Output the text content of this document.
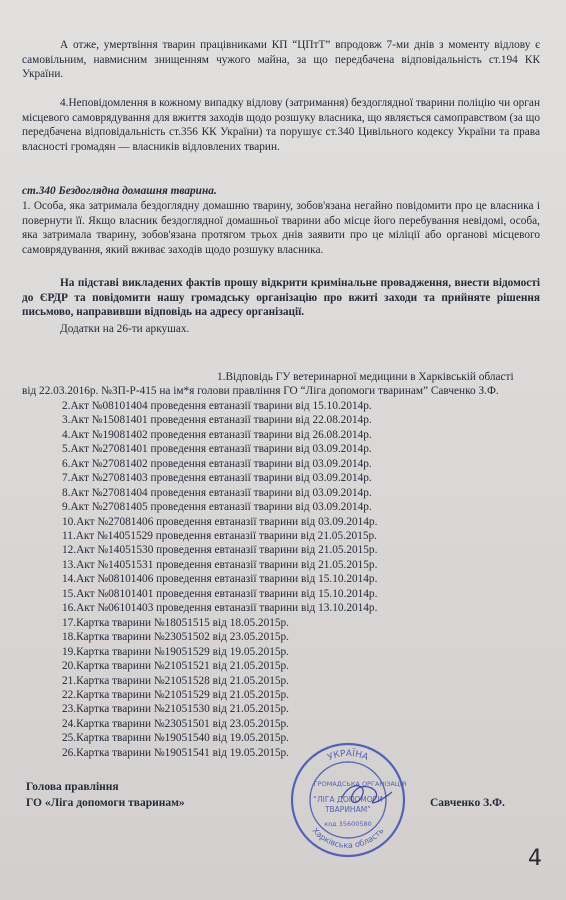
А отже, умертвіння тварин працівниками КП “ЦПтТ” впродовж 7-ми днів з моменту відлову є самовільним, навмисним знищенням чужого майна, за що передбачена відповідальність ст.194 КК України.

4.Неповідомлення в кожному випадку відлову (затримання) бездоглядної тварини поліцію чи орган місцевого самоврядування для вжиття заходів щодо розшуку власника, що являється самоправством (за що передбачена відповідальність ст.356 КК України) та порушує ст.340 Цивільного кодексу України та права власності громадян — власників відловлених тварин.

ст.340 Бездоглядна домашня тварина.

1. Особа, яка затримала бездоглядну домашню тварину, зобов'язана негайно повідомити про це власника і повернути її. Якщо власник бездоглядної домашньої тварини або місце його перебування невідомі, особа, яка затримала тварину, зобов'язана протягом трьох днів заявити про це міліції або органові місцевого самоврядування, який вживає заходів щодо розшуку власника.

На підставі викладених фактів прошу відкрити кримінальне провадження, внести відомості до ЄРДР та повідомити нашу громадську організацію про вжиті заходи та прийняте рішення письмово, направивши відповідь на адресу організації.

Додатки на 26-ти аркушах.

1.Відповідь ГУ ветеринарної медицини в Харківській області від 22.03.2016р. №ЗП-Р-415 на ім*я голови правління ГО “Ліга допомоги тваринам” Савченко З.Ф.
2.Акт №08101404 проведення евтаназії тварини від 15.10.2014р.
3.Акт №15081401 проведення евтаназії тварини від 22.08.2014р.
4.Акт №19081402 проведення евтаназії тварини від 26.08.2014р.
5.Акт №27081401 проведення евтаназії тварини від 03.09.2014р.
6.Акт №27081402 проведення евтаназії тварини від 03.09.2014р.
7.Акт №27081403 проведення евтаназії тварини від 03.09.2014р.
8.Акт №27081404 проведення евтаназії тварини від 03.09.2014р.
9.Акт №27081405 проведення евтаназії тварини від 03.09.2014р.
10.Акт №27081406 проведення евтаназії тварини від 03.09.2014р.
11.Акт №14051529 проведення евтаназії тварини від 21.05.2015р.
12.Акт №14051530 проведення евтаназії тварини від 21.05.2015р.
13.Акт №14051531 проведення евтаназії тварини від 21.05.2015р.
14.Акт №08101406 проведення евтаназії тварини від 15.10.2014р.
15.Акт №08101401 проведення евтаназії тварини від 15.10.2014р.
16.Акт №06101403 проведення евтаназії тварини від 13.10.2014р.
17.Картка тварини №18051515 від 18.05.2015р.
18.Картка тварини №23051502 від 23.05.2015р.
19.Картка тварини №19051529 від 19.05.2015р.
20.Картка тварини №21051521 від 21.05.2015р.
21.Картка тварини №21051528 від 21.05.2015р.
22.Картка тварини №21051529 від 21.05.2015р.
23.Картка тварини №21051530 від 21.05.2015р.
24.Картка тварини №23051501 від 23.05.2015р.
25.Картка тварини №19051540 від 19.05.2015р.
26.Картка тварини №19051541 від 19.05.2015р.
Голова правління
ГО «Ліга допомоги тваринам»	Савченко З.Ф.
УКРАЇНА
Харківська область
ГРОМАДСЬКА ОРГАНІЗАЦІЯ
“ЛІГА ДОПОМОГИ
ТВАРИНАМ”
код 35600580
4
